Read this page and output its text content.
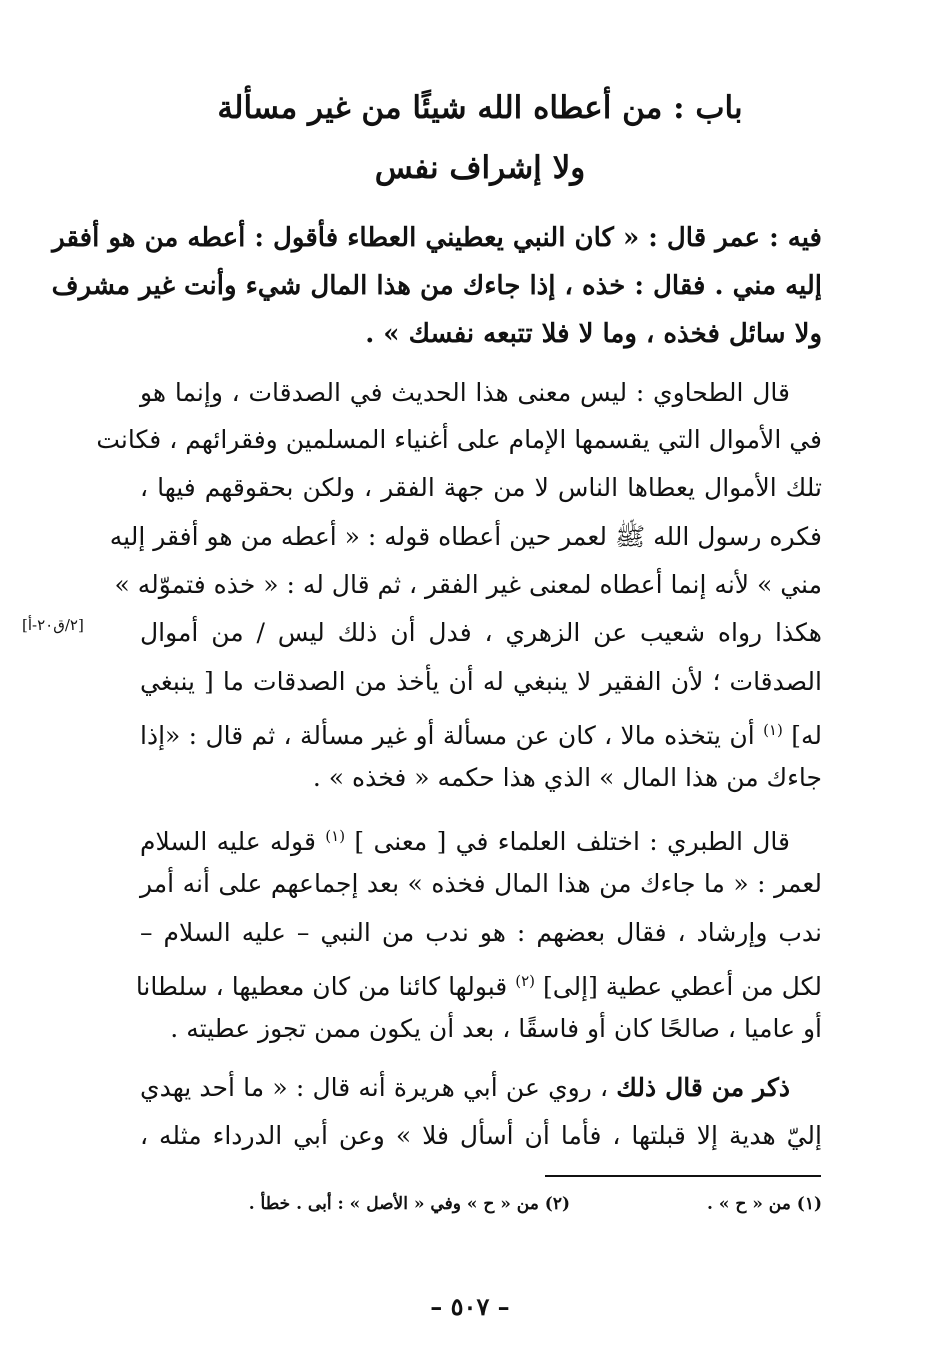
باب : من أعطاه الله شيئًا من غير مسألة
ولا إشراف نفس
فيه : عمر قال : « كان النبي يعطيني العطاء فأقول : أعطه من هو أفقر
إليه مني . فقال : خذه ، إذا جاءك من هذا المال شيء وأنت غير مشرف
ولا سائل فخذه ، وما لا فلا تتبعه نفسك » .
قال الطحاوي : ليس معنى هذا الحديث في الصدقات ، وإنما هو
في الأموال التي يقسمها الإمام على أغنياء المسلمين وفقرائهم ، فكانت
تلك الأموال يعطاها الناس لا من جهة الفقر ، ولكن بحقوقهم فيها ،
فكره رسول الله ﷺ لعمر حين أعطاه قوله : « أعطه من هو أفقر إليه
مني » لأنه إنما أعطاه لمعنى غير الفقر ، ثم قال له : « خذه فتموّله »
هكذا رواه شعيب عن الزهري ، فدل أن ذلك ليس / من أموال
الصدقات ؛ لأن الفقير لا ينبغي له أن يأخذ من الصدقات ما [ ينبغي
له] $^{(١)}$ أن يتخذه مالا ، كان عن مسألة أو غير مسألة ، ثم قال : «إذا
جاءك من هذا المال » الذي هذا حكمه « فخذه » .
[٢/ق٢٠-أ]
قال الطبري : اختلف العلماء في [ معنى ] $^{(١)}$ قوله عليه السلام
لعمر : « ما جاءك من هذا المال فخذه » بعد إجماعهم على أنه أمر
ندب وإرشاد ، فقال بعضهم : هو ندب من النبي – عليه السلام –
لكل من أعطي عطية [إلى] $^{(٢)}$ قبولها كائنا من كان معطيها ، سلطانا
أو عاميا ، صالحًا كان أو فاسقًا ، بعد أن يكون ممن تجوز عطيته .
ذكر من قال ذلك ، روي عن أبي هريرة أنه قال : « ما أحد يهدي
إليّ هدية إلا قبلتها ، فأما أن أسأل فلا » وعن أبي الدرداء مثله ،
(١) من « ح » .
(٢) من « ح » وفي « الأصل » : أبى . خطأ .
– ٥٠٧ –
